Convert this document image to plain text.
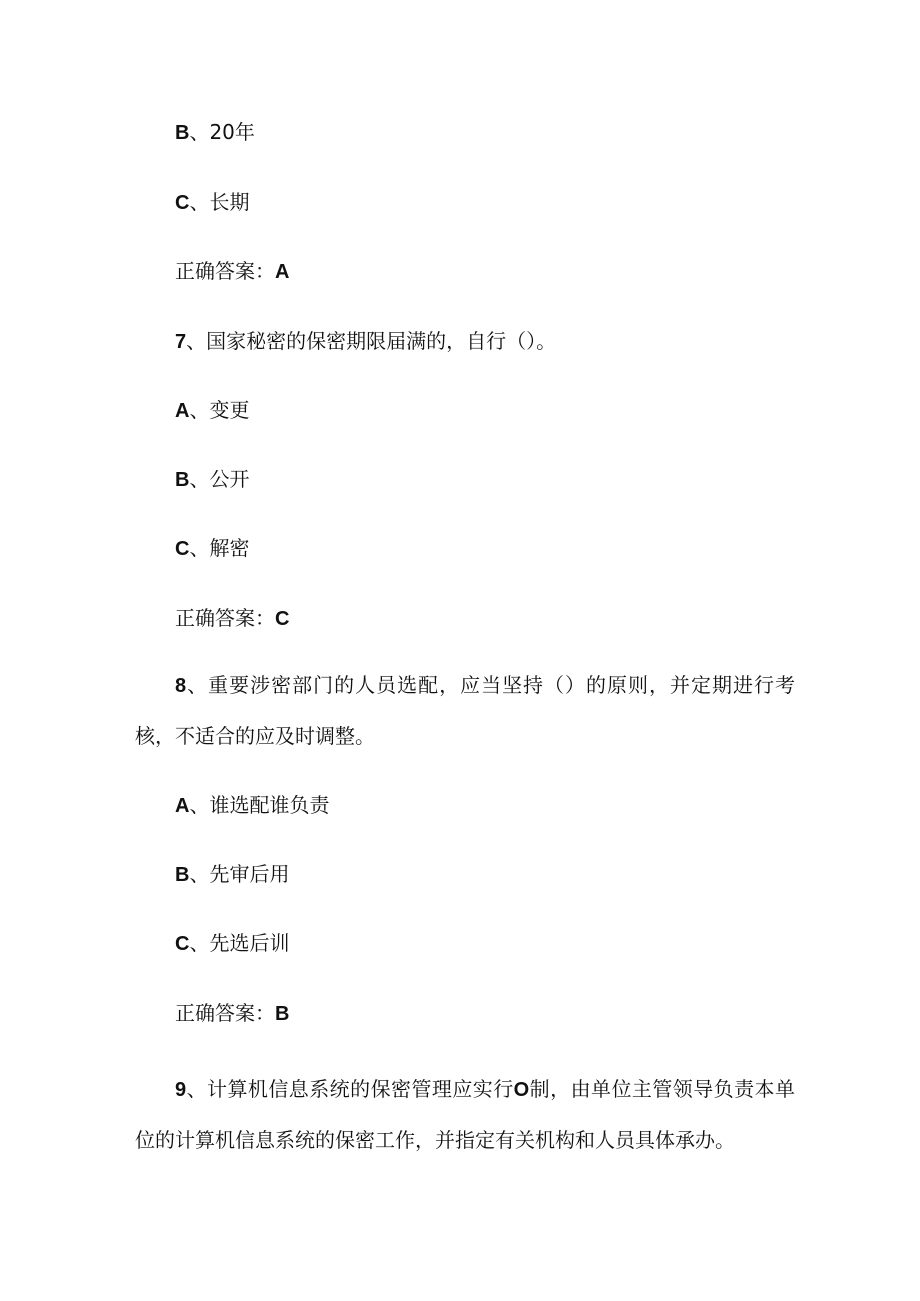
B、20年
C、长期
正确答案：A
7、国家秘密的保密期限届满的，自行（）。
A、变更
B、公开
C、解密
正确答案：C
8、重要涉密部门的人员选配，应当坚持（）的原则，并定期进行考核，不适合的应及时调整。
A、谁选配谁负责
B、先审后用
C、先选后训
正确答案：B
9、计算机信息系统的保密管理应实行O制，由单位主管领导负责本单位的计算机信息系统的保密工作，并指定有关机构和人员具体承办。
